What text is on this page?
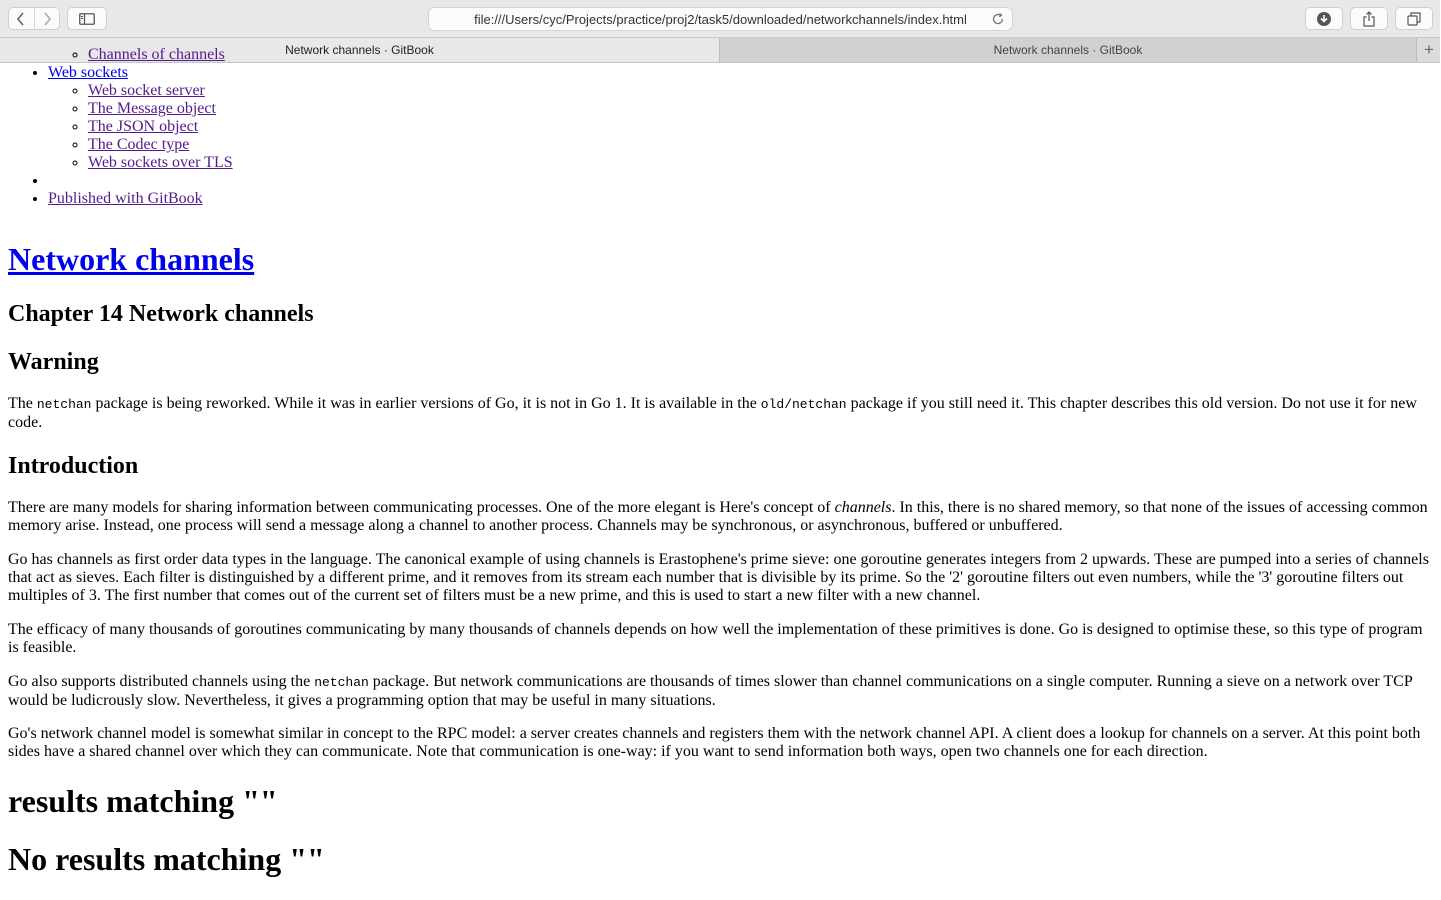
file:///Users/cyc/Projects/practice/proj2/task5/downloaded/networkchannels/index.html
Network channels · GitBook	Network channels · GitBook	+
◦ Channels of channels
• Web sockets
◦ Web socket server
◦ The Message object
◦ The JSON object
◦ The Codec type
◦ Web sockets over TLS
•
• Published with GitBook
Network channels
Chapter 14 Network channels
Warning

The netchan package is being reworked. While it was in earlier versions of Go, it is not in Go 1. It is available in the old/netchan package if you still need it. This chapter describes this old version. Do not use it for new code.

Introduction

There are many models for sharing information between communicating processes. One of the more elegant is Here's concept of channels. In this, there is no shared memory, so that none of the issues of accessing common memory arise. Instead, one process will send a message along a channel to another process. Channels may be synchronous, or asynchronous, buffered or unbuffered.

Go has channels as first order data types in the language. The canonical example of using channels is Erastophene's prime sieve: one goroutine generates integers from 2 upwards. These are pumped into a series of channels that act as sieves. Each filter is distinguished by a different prime, and it removes from its stream each number that is divisible by its prime. So the '2' goroutine filters out even numbers, while the '3' goroutine filters out multiples of 3. The first number that comes out of the current set of filters must be a new prime, and this is used to start a new filter with a new channel.

The efficacy of many thousands of goroutines communicating by many thousands of channels depends on how well the implementation of these primitives is done. Go is designed to optimise these, so this type of program is feasible.

Go also supports distributed channels using the netchan package. But network communications are thousands of times slower than channel communications on a single computer. Running a sieve on a network over TCP would be ludicrously slow. Nevertheless, it gives a programming option that may be useful in many situations.

Go's network channel model is somewhat similar in concept to the RPC model: a server creates channels and registers them with the network channel API. A client does a lookup for channels on a server. At this point both sides have a shared channel over which they can communicate. Note that communication is one-way: if you want to send information both ways, open two channels one for each direction.

results matching ""
No results matching ""
